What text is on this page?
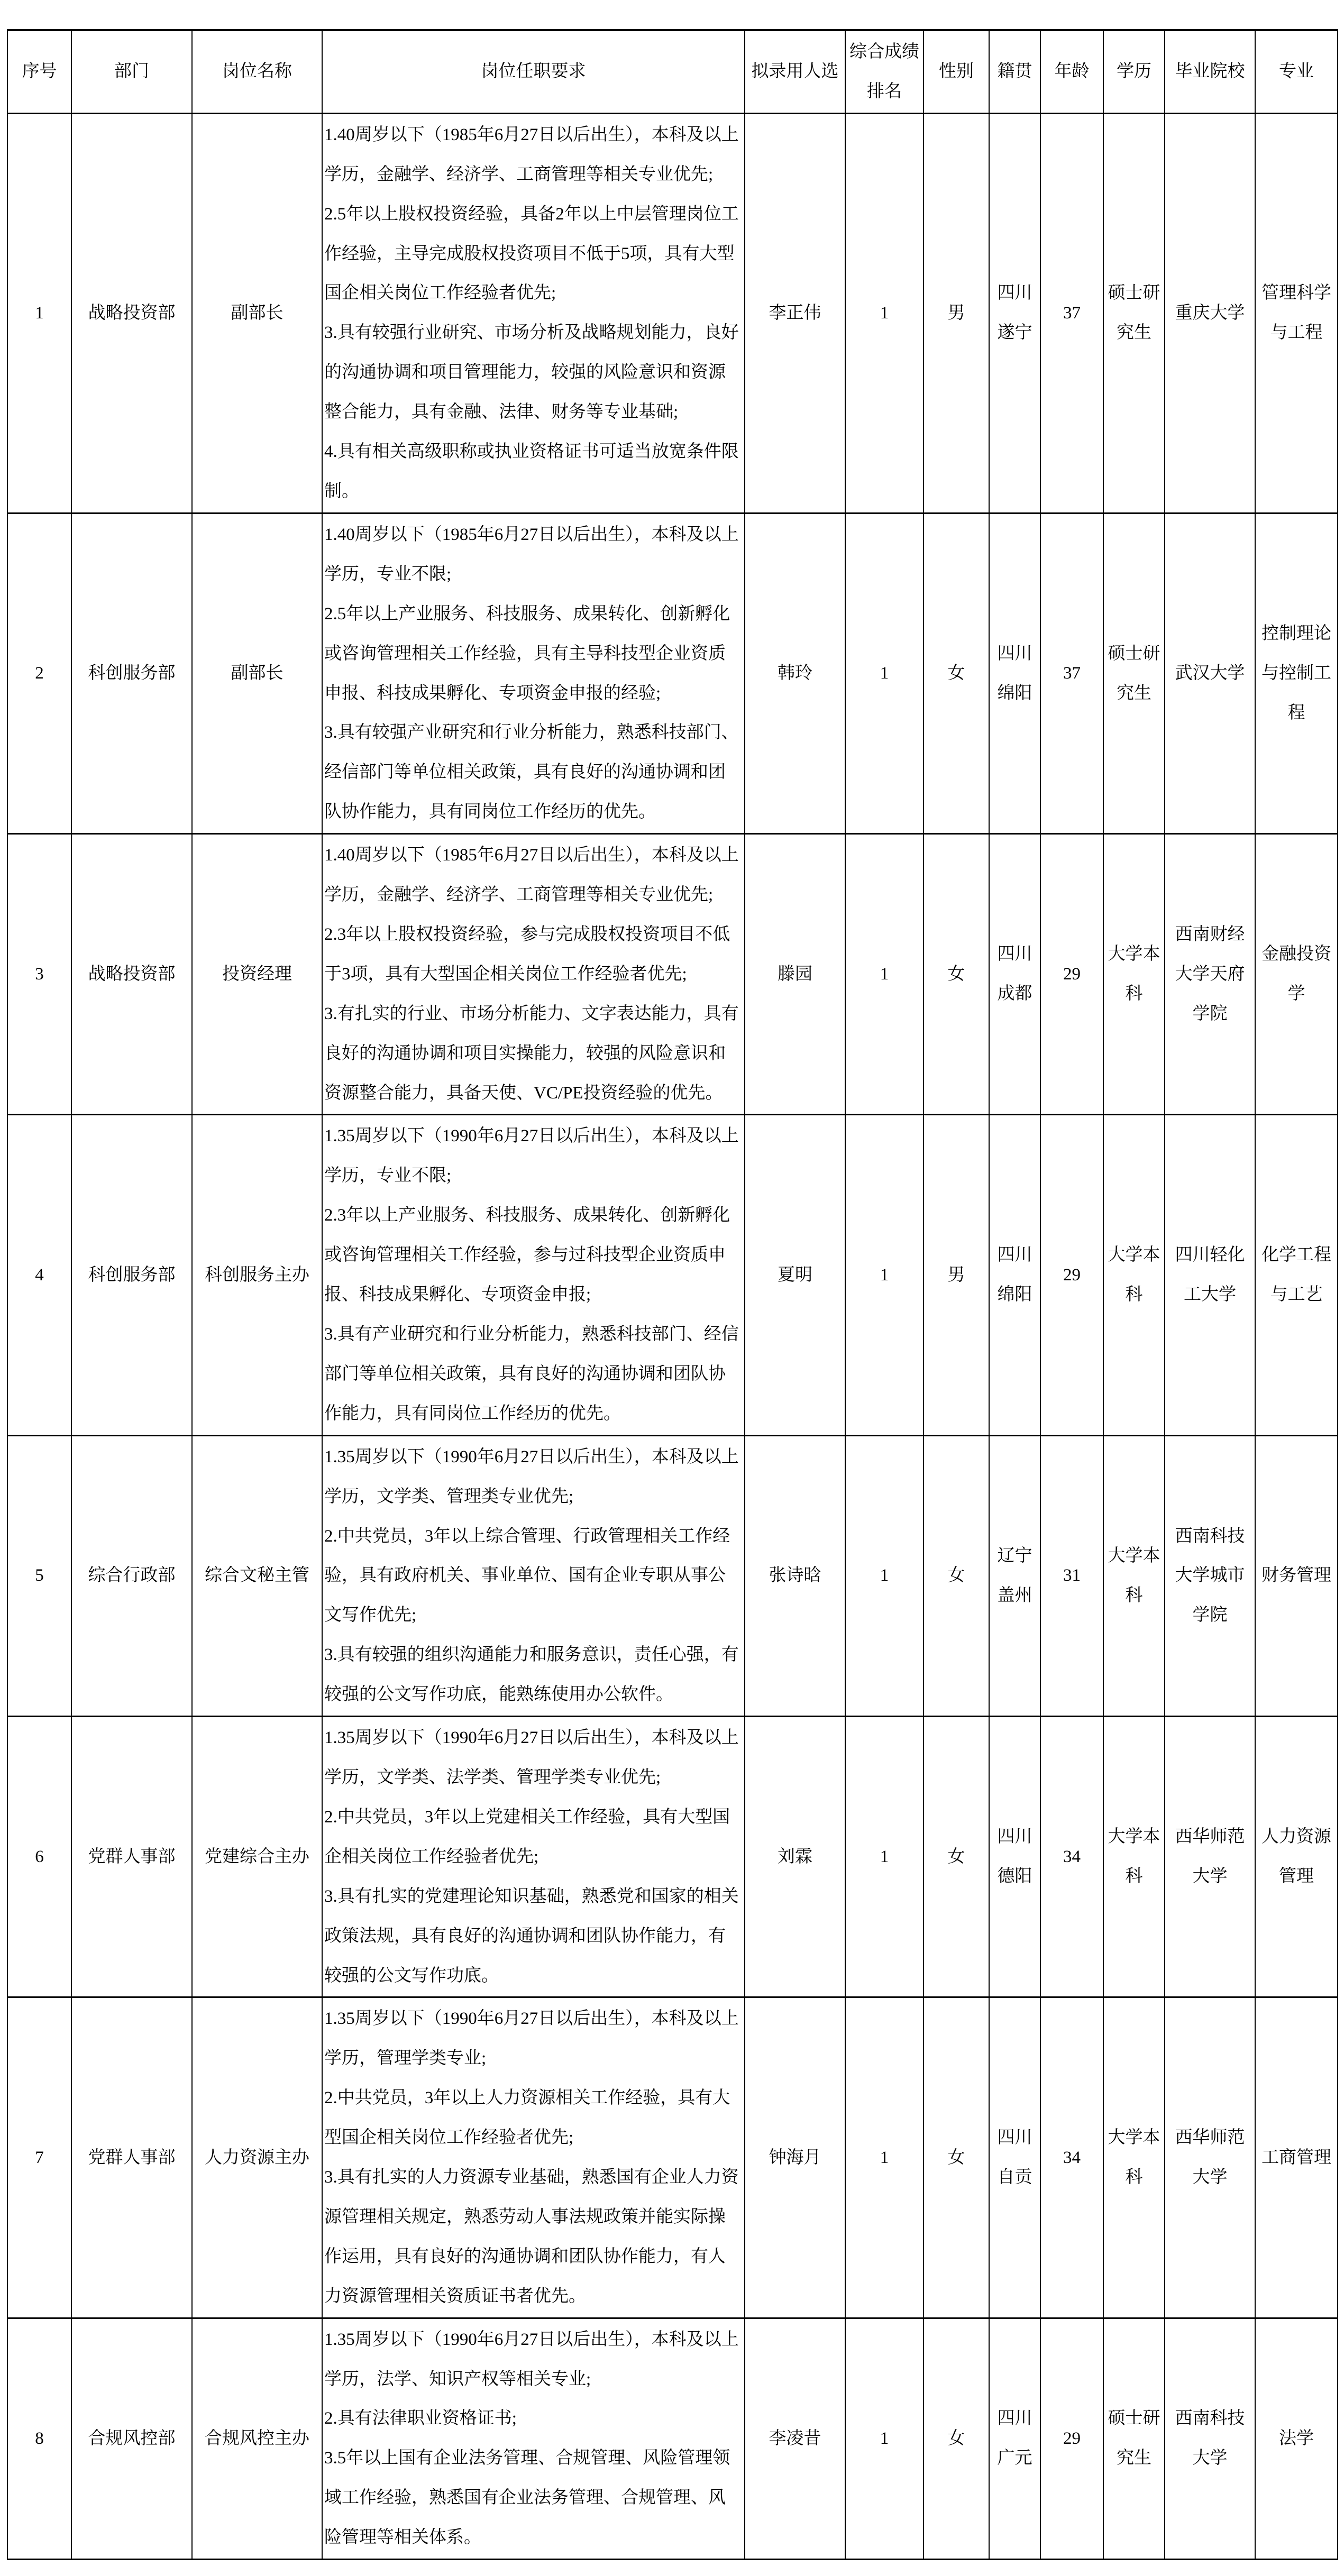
序号	部门	岗位名称	岗位任职要求	拟录用人选	综合成绩排名	性别	籍贯	年龄	学历	毕业院校	专业
1	战略投资部	副部长	1.40周岁以下（1985年6月27日以后出生），本科及以上学历，金融学、经济学、工商管理等相关专业优先;
2.5年以上股权投资经验，具备2年以上中层管理岗位工作经验，主导完成股权投资项目不低于5项，具有大型国企相关岗位工作经验者优先;
3.具有较强行业研究、市场分析及战略规划能力，良好的沟通协调和项目管理能力，较强的风险意识和资源整合能力，具有金融、法律、财务等专业基础;
4.具有相关高级职称或执业资格证书可适当放宽条件限制。	李正伟	1	男	四川遂宁	37	硕士研究生	重庆大学	管理科学与工程
2	科创服务部	副部长	1.40周岁以下（1985年6月27日以后出生），本科及以上学历，专业不限;
2.5年以上产业服务、科技服务、成果转化、创新孵化或咨询管理相关工作经验，具有主导科技型企业资质申报、科技成果孵化、专项资金申报的经验;
3.具有较强产业研究和行业分析能力，熟悉科技部门、经信部门等单位相关政策，具有良好的沟通协调和团队协作能力，具有同岗位工作经历的优先。	韩玲	1	女	四川绵阳	37	硕士研究生	武汉大学	控制理论与控制工程
3	战略投资部	投资经理	1.40周岁以下（1985年6月27日以后出生），本科及以上学历，金融学、经济学、工商管理等相关专业优先;
2.3年以上股权投资经验，参与完成股权投资项目不低于3项，具有大型国企相关岗位工作经验者优先;
3.有扎实的行业、市场分析能力、文字表达能力，具有良好的沟通协调和项目实操能力，较强的风险意识和资源整合能力，具备天使、VC/PE投资经验的优先。	滕园	1	女	四川成都	29	大学本科	西南财经大学天府学院	金融投资学
4	科创服务部	科创服务主办	1.35周岁以下（1990年6月27日以后出生），本科及以上学历，专业不限;
2.3年以上产业服务、科技服务、成果转化、创新孵化或咨询管理相关工作经验，参与过科技型企业资质申报、科技成果孵化、专项资金申报;
3.具有产业研究和行业分析能力，熟悉科技部门、经信部门等单位相关政策，具有良好的沟通协调和团队协作能力，具有同岗位工作经历的优先。	夏明	1	男	四川绵阳	29	大学本科	四川轻化工大学	化学工程与工艺
5	综合行政部	综合文秘主管	1.35周岁以下（1990年6月27日以后出生），本科及以上学历，文学类、管理类专业优先;
2.中共党员，3年以上综合管理、行政管理相关工作经验，具有政府机关、事业单位、国有企业专职从事公文写作优先;
3.具有较强的组织沟通能力和服务意识，责任心强，有较强的公文写作功底，能熟练使用办公软件。	张诗晗	1	女	辽宁盖州	31	大学本科	西南科技大学城市学院	财务管理
6	党群人事部	党建综合主办	1.35周岁以下（1990年6月27日以后出生），本科及以上学历，文学类、法学类、管理学类专业优先;
2.中共党员，3年以上党建相关工作经验，具有大型国企相关岗位工作经验者优先;
3.具有扎实的党建理论知识基础，熟悉党和国家的相关政策法规，具有良好的沟通协调和团队协作能力，有较强的公文写作功底。	刘霖	1	女	四川德阳	34	大学本科	西华师范大学	人力资源管理
7	党群人事部	人力资源主办	1.35周岁以下（1990年6月27日以后出生），本科及以上学历，管理学类专业;
2.中共党员，3年以上人力资源相关工作经验，具有大型国企相关岗位工作经验者优先;
3.具有扎实的人力资源专业基础，熟悉国有企业人力资源管理相关规定，熟悉劳动人事法规政策并能实际操作运用，具有良好的沟通协调和团队协作能力，有人力资源管理相关资质证书者优先。	钟海月	1	女	四川自贡	34	大学本科	西华师范大学	工商管理
8	合规风控部	合规风控主办	1.35周岁以下（1990年6月27日以后出生），本科及以上学历，法学、知识产权等相关专业;
2.具有法律职业资格证书;
3.5年以上国有企业法务管理、合规管理、风险管理领域工作经验，熟悉国有企业法务管理、合规管理、风险管理等相关体系。	李凌昔	1	女	四川广元	29	硕士研究生	西南科技大学	法学
